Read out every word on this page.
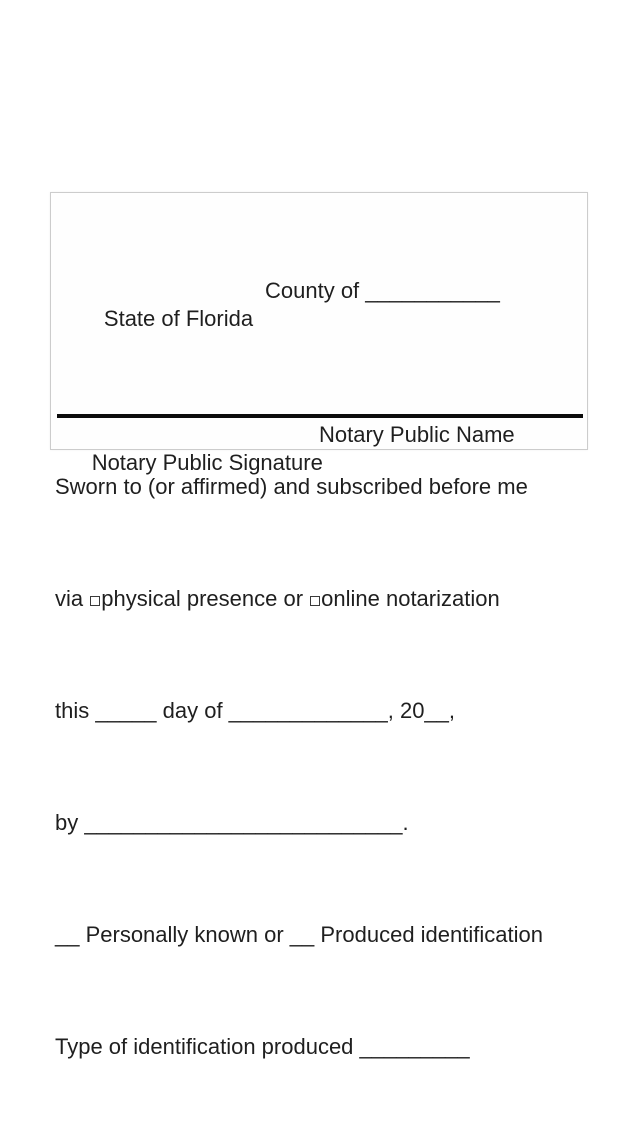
State of Florida

County of ___________

Sworn to (or affirmed) and subscribed before me

via physical presence or online notarization

this _____ day of _____________, 20__,

by __________________________.

__ Personally known or __ Produced identification

Type of identification produced _________

Notary Public Signature

Notary Public Name
